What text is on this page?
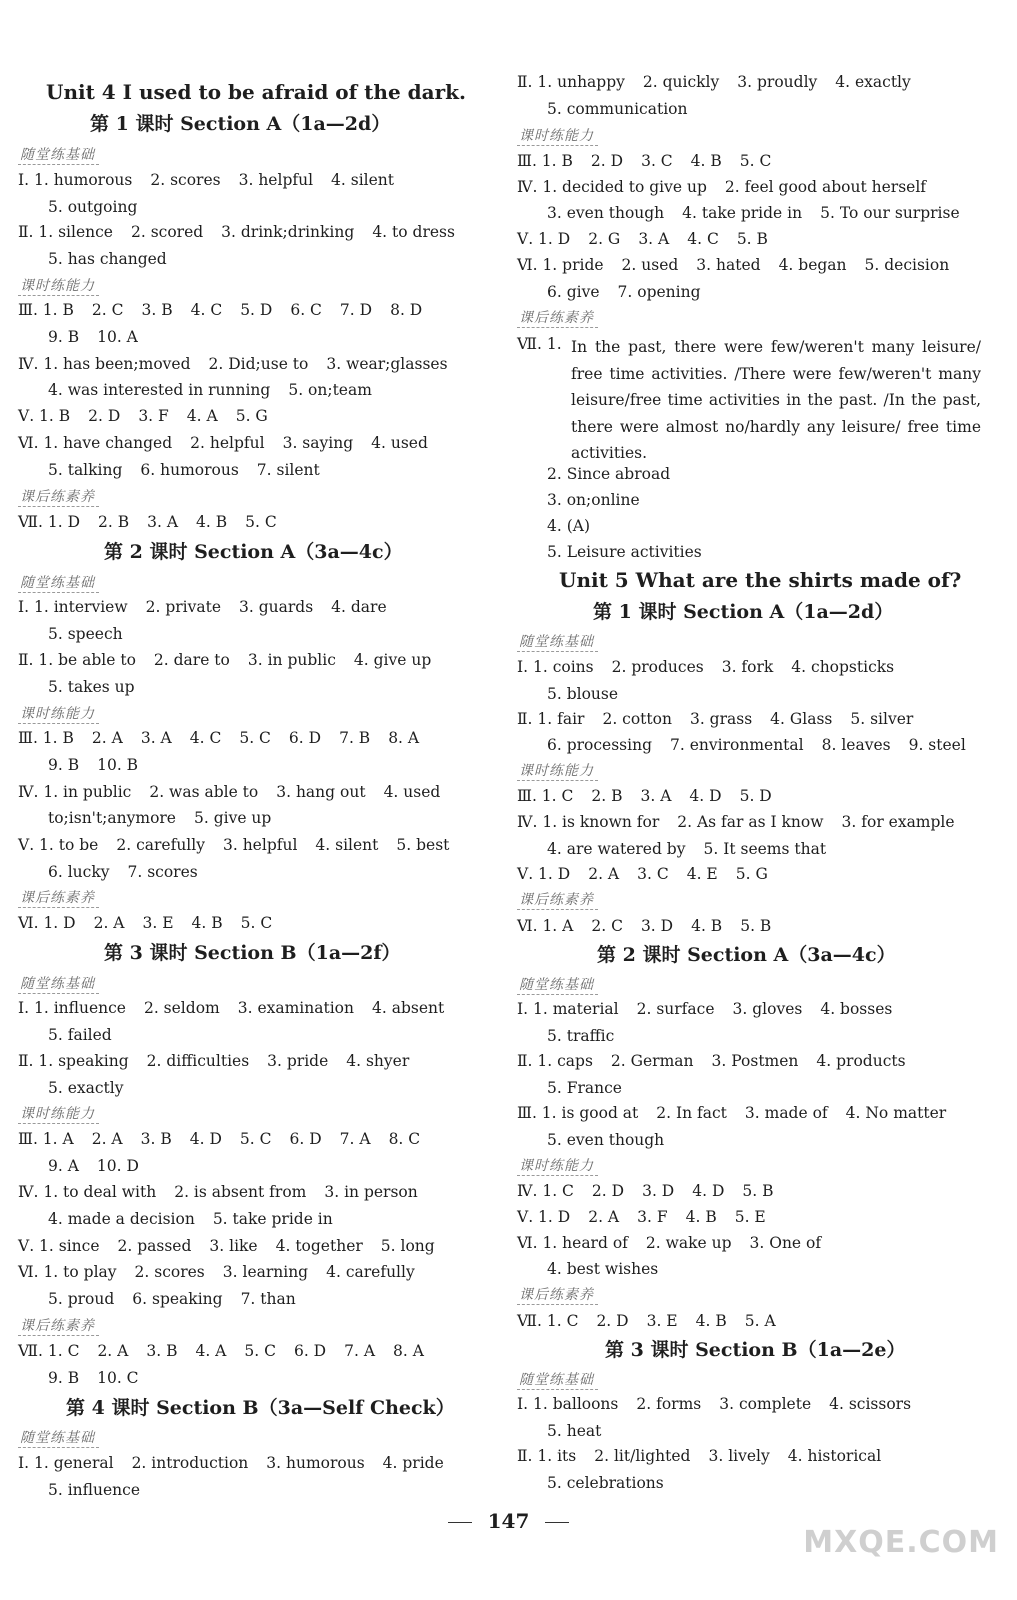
Unit 4 I used to be afraid of the dark.
第 1 课时 Section A（1a—2d）
随堂练基础
Ⅰ. 1. humorous 2. scores 3. helpful 4. silent
5. outgoing
Ⅱ. 1. silence 2. scored 3. drink;drinking 4. to dress
5. has changed
课时练能力
Ⅲ. 1. B 2. C 3. B 4. C 5. D 6. C 7. D 8. D
9. B 10. A
Ⅳ. 1. has been;moved 2. Did;use to 3. wear;glasses
4. was interested in running 5. on;team
Ⅴ. 1. B 2. D 3. F 4. A 5. G
Ⅵ. 1. have changed 2. helpful 3. saying 4. used
5. talking 6. humorous 7. silent
课后练素养
Ⅶ. 1. D 2. B 3. A 4. B 5. C
第 2 课时 Section A（3a—4c）
随堂练基础
Ⅰ. 1. interview 2. private 3. guards 4. dare
5. speech
Ⅱ. 1. be able to 2. dare to 3. in public 4. give up
5. takes up
课时练能力
Ⅲ. 1. B 2. A 3. A 4. C 5. C 6. D 7. B 8. A
9. B 10. B
Ⅳ. 1. in public 2. was able to 3. hang out 4. used
to;isn't;anymore 5. give up
Ⅴ. 1. to be 2. carefully 3. helpful 4. silent 5. best
6. lucky 7. scores
课后练素养
Ⅵ. 1. D 2. A 3. E 4. B 5. C
第 3 课时 Section B（1a—2f）
随堂练基础
Ⅰ. 1. influence 2. seldom 3. examination 4. absent
5. failed
Ⅱ. 1. speaking 2. difficulties 3. pride 4. shyer
5. exactly
课时练能力
Ⅲ. 1. A 2. A 3. B 4. D 5. C 6. D 7. A 8. C
9. A 10. D
Ⅳ. 1. to deal with 2. is absent from 3. in person
4. made a decision 5. take pride in
Ⅴ. 1. since 2. passed 3. like 4. together 5. long
Ⅵ. 1. to play 2. scores 3. learning 4. carefully
5. proud 6. speaking 7. than
课后练素养
Ⅶ. 1. C 2. A 3. B 4. A 5. C 6. D 7. A 8. A
9. B 10. C
第 4 课时 Section B（3a—Self Check）
随堂练基础
Ⅰ. 1. general 2. introduction 3. humorous 4. pride
5. influence
Ⅱ. 1. unhappy 2. quickly 3. proudly 4. exactly
5. communication
课时练能力
Ⅲ. 1. B 2. D 3. C 4. B 5. C
Ⅳ. 1. decided to give up 2. feel good about herself
3. even though 4. take pride in 5. To our surprise
Ⅴ. 1. D 2. G 3. A 4. C 5. B
Ⅵ. 1. pride 2. used 3. hated 4. began 5. decision
6. give 7. opening
课后练素养
Ⅶ. 1. In the past, there were few/weren't many leisure/ free time activities. /There were few/weren't many leisure/free time activities in the past. /In the past, there were almost no/hardly any leisure/ free time activities.
2. Since abroad
3. on;online
4. (A)
5. Leisure activities
Unit 5 What are the shirts made of?
第 1 课时 Section A（1a—2d）
随堂练基础
Ⅰ. 1. coins 2. produces 3. fork 4. chopsticks
5. blouse
Ⅱ. 1. fair 2. cotton 3. grass 4. Glass 5. silver
6. processing 7. environmental 8. leaves 9. steel
课时练能力
Ⅲ. 1. C 2. B 3. A 4. D 5. D
Ⅳ. 1. is known for 2. As far as I know 3. for example
4. are watered by 5. It seems that
Ⅴ. 1. D 2. A 3. C 4. E 5. G
课后练素养
Ⅵ. 1. A 2. C 3. D 4. B 5. B
第 2 课时 Section A（3a—4c）
随堂练基础
Ⅰ. 1. material 2. surface 3. gloves 4. bosses
5. traffic
Ⅱ. 1. caps 2. German 3. Postmen 4. products
5. France
Ⅲ. 1. is good at 2. In fact 3. made of 4. No matter
5. even though
课时练能力
Ⅳ. 1. C 2. D 3. D 4. D 5. B
Ⅴ. 1. D 2. A 3. F 4. B 5. E
Ⅵ. 1. heard of 2. wake up 3. One of
4. best wishes
课后练素养
Ⅶ. 1. C 2. D 3. E 4. B 5. A
第 3 课时 Section B（1a—2e）
随堂练基础
Ⅰ. 1. balloons 2. forms 3. complete 4. scissors
5. heat
Ⅱ. 1. its 2. lit/lighted 3. lively 4. historical
5. celebrations
147
MXQE.COM
